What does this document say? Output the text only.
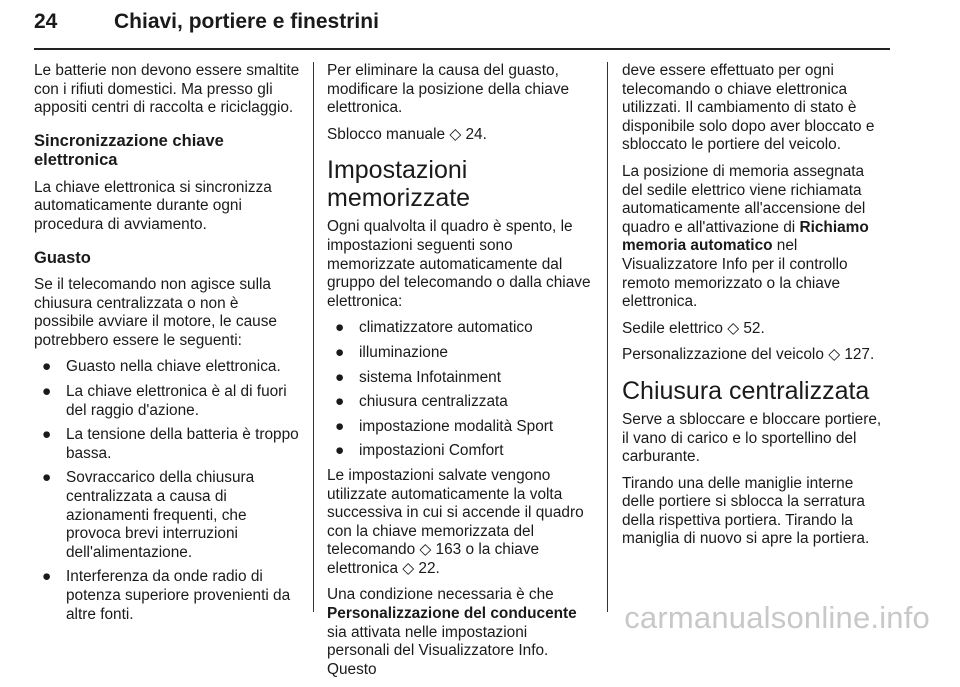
24	Chiavi, portiere e finestrini

Le batterie non devono essere smaltite con i rifiuti domestici. Ma presso gli appositi centri di raccolta e riciclaggio.

Sincronizzazione chiave elettronica

La chiave elettronica si sincronizza automaticamente durante ogni procedura di avviamento.

Guasto

Se il telecomando non agisce sulla chiusura centralizzata o non è possibile avviare il motore, le cause potrebbero essere le seguenti:

● Guasto nella chiave elettronica.
● La chiave elettronica è al di fuori del raggio d'azione.
● La tensione della batteria è troppo bassa.
● Sovraccarico della chiusura centralizzata a causa di azionamenti frequenti, che provoca brevi interruzioni dell'alimentazione.
● Interferenza da onde radio di potenza superiore provenienti da altre fonti.

Per eliminare la causa del guasto, modificare la posizione della chiave elettronica.

Sblocco manuale ◇ 24.

Impostazioni memorizzate

Ogni qualvolta il quadro è spento, le impostazioni seguenti sono memorizzate automaticamente dal gruppo del telecomando o dalla chiave elettronica:

● climatizzatore automatico
● illuminazione
● sistema Infotainment
● chiusura centralizzata
● impostazione modalità Sport
● impostazioni Comfort

Le impostazioni salvate vengono utilizzate automaticamente la volta successiva in cui si accende il quadro con la chiave memorizzata del telecomando ◇ 163 o la chiave elettronica ◇ 22.

Una condizione necessaria è che Personalizzazione del conducente sia attivata nelle impostazioni personali del Visualizzatore Info. Questo

deve essere effettuato per ogni telecomando o chiave elettronica utilizzati. Il cambiamento di stato è disponibile solo dopo aver bloccato e sbloccato le portiere del veicolo.

La posizione di memoria assegnata del sedile elettrico viene richiamata automaticamente all'accensione del quadro e all'attivazione di Richiamo memoria automatico nel Visualizzatore Info per il controllo remoto memorizzato o la chiave elettronica.

Sedile elettrico ◇ 52.

Personalizzazione del veicolo ◇ 127.

Chiusura centralizzata

Serve a sbloccare e bloccare portiere, il vano di carico e lo sportellino del carburante.

Tirando una delle maniglie interne delle portiere si sblocca la serratura della rispettiva portiera. Tirando la maniglia di nuovo si apre la portiera.

carmanualsonline.info
